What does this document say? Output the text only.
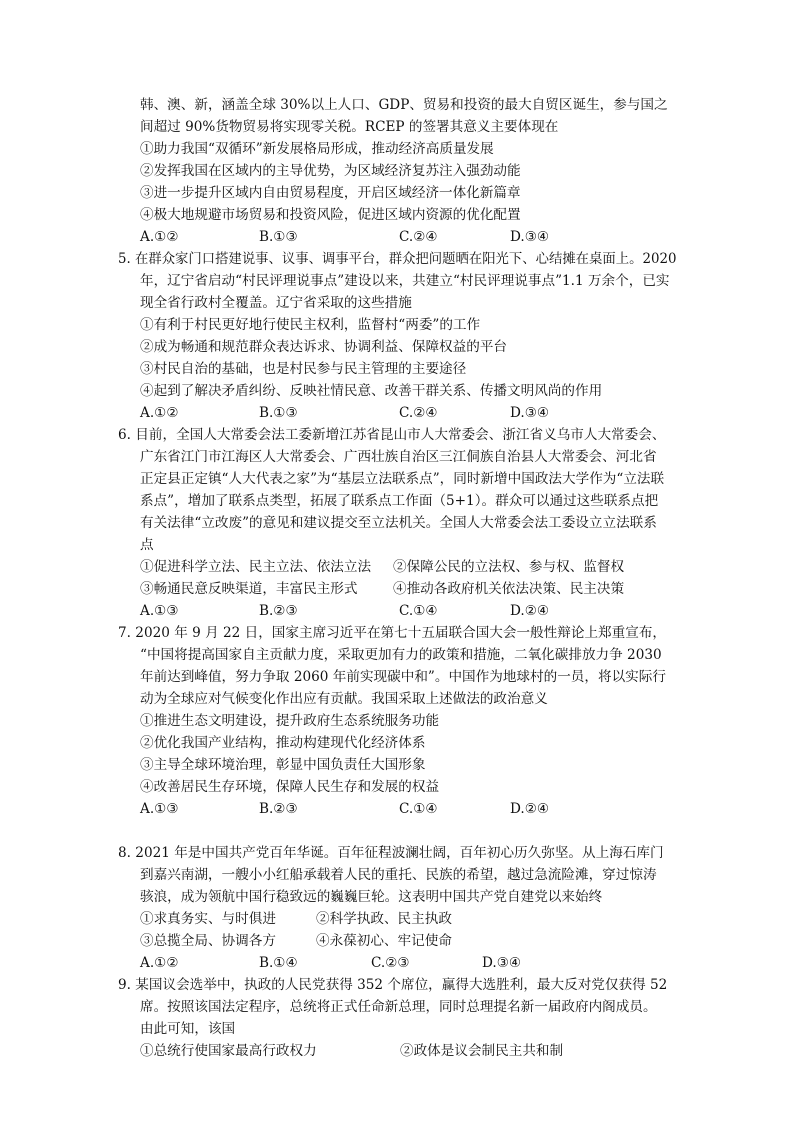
韩、澳、新，涵盖全球 30%以上人口、GDP、贸易和投资的最大自贸区诞生，参与国之
间超过 90%货物贸易将实现零关税。RCEP 的签署其意义主要体现在
①助力我国“双循环”新发展格局形成，推动经济高质量发展
②发挥我国在区域内的主导优势，为区域经济复苏注入强劲动能
③进一步提升区域内自由贸易程度，开启区域经济一体化新篇章
④极大地规避市场贸易和投资风险，促进区域内资源的优化配置
A.①②	B.①③	C.②④	D.③④
5. 在群众家门口搭建说事、议事、调事平台，群众把问题晒在阳光下、心结摊在桌面上。2020
年，辽宁省启动“村民评理说事点”建设以来，共建立“村民评理说事点”1.1 万余个，已实
现全省行政村全覆盖。辽宁省采取的这些措施
①有利于村民更好地行使民主权利，监督村“两委”的工作
②成为畅通和规范群众表达诉求、协调利益、保障权益的平台
③村民自治的基础，也是村民参与民主管理的主要途径
④起到了解决矛盾纠纷、反映社情民意、改善干群关系、传播文明风尚的作用
A.①②	B.①③	C.②④	D.③④
6. 目前，全国人大常委会法工委新增江苏省昆山市人大常委会、浙江省义乌市人大常委会、
广东省江门市江海区人大常委会、广西壮族自治区三江侗族自治县人大常委会、河北省
正定县正定镇“人大代表之家”为“基层立法联系点”，同时新增中国政法大学作为“立法联
系点”，增加了联系点类型，拓展了联系点工作面（5+1）。群众可以通过这些联系点把
有关法律“立改废”的意见和建议提交至立法机关。全国人大常委会法工委设立立法联系
点
①促进科学立法、民主立法、依法立法 ②保障公民的立法权、参与权、监督权
③畅通民意反映渠道，丰富民主形式	④推动各政府机关依法决策、民主决策
A.①③	B.②③	C.①④	D.②④
7. 2020 年 9 月 22 日，国家主席习近平在第七十五届联合国大会一般性辩论上郑重宣布，
“中国将提高国家自主贡献力度，采取更加有力的政策和措施，二氧化碳排放力争 2030
年前达到峰值，努力争取 2060 年前实现碳中和”。中国作为地球村的一员，将以实际行
动为全球应对气候变化作出应有贡献。我国采取上述做法的政治意义
①推进生态文明建设，提升政府生态系统服务功能
②优化我国产业结构，推动构建现代化经济体系
③主导全球环境治理，彰显中国负责任大国形象
④改善居民生存环境，保障人民生存和发展的权益
A.①③	B.②③	C.①④	D.②④
8. 2021 年是中国共产党百年华诞。百年征程波澜壮阔，百年初心历久弥坚。从上海石库门
到嘉兴南湖，一艘小小红船承载着人民的重托、民族的希望，越过急流险滩，穿过惊涛
骇浪，成为领航中国行稳致远的巍巍巨轮。这表明中国共产党自建党以来始终
①求真务实、与时俱进	②科学执政、民主执政
③总揽全局、协调各方	④永葆初心、牢记使命
A.①②	B.①④	C.②③	D.③④
9. 某国议会选举中，执政的人民党获得 352 个席位，赢得大选胜利，最大反对党仅获得 52
席。按照该国法定程序，总统将正式任命新总理，同时总理提名新一届政府内阁成员。
由此可知，该国
①总统行使国家最高行政权力	②政体是议会制民主共和制
